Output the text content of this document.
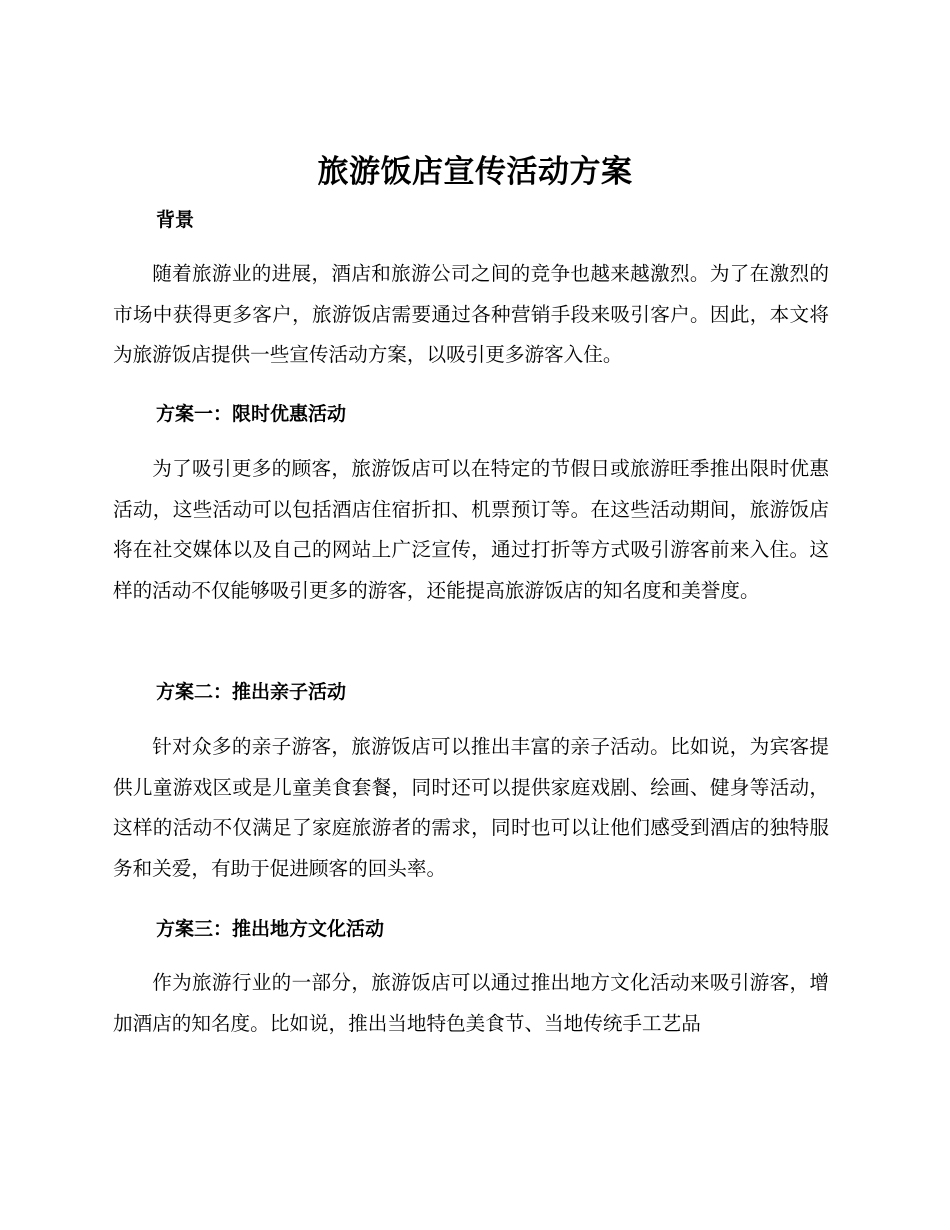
旅游饭店宣传活动方案
背景

随着旅游业的进展，酒店和旅游公司之间的竞争也越来越激烈。为了在激烈的市场中获得更多客户，旅游饭店需要通过各种营销手段来吸引客户。因此，本文将为旅游饭店提供一些宣传活动方案，以吸引更多游客入住。

方案一：限时优惠活动

为了吸引更多的顾客，旅游饭店可以在特定的节假日或旅游旺季推出限时优惠活动，这些活动可以包括酒店住宿折扣、机票预订等。在这些活动期间，旅游饭店将在社交媒体以及自己的网站上广泛宣传，通过打折等方式吸引游客前来入住。这样的活动不仅能够吸引更多的游客，还能提高旅游饭店的知名度和美誉度。

方案二：推出亲子活动

针对众多的亲子游客，旅游饭店可以推出丰富的亲子活动。比如说，为宾客提供儿童游戏区或是儿童美食套餐，同时还可以提供家庭戏剧、绘画、健身等活动，这样的活动不仅满足了家庭旅游者的需求，同时也可以让他们感受到酒店的独特服务和关爱，有助于促进顾客的回头率。

方案三：推出地方文化活动

作为旅游行业的一部分，旅游饭店可以通过推出地方文化活动来吸引游客，增加酒店的知名度。比如说，推出当地特色美食节、当地传统手工艺品
